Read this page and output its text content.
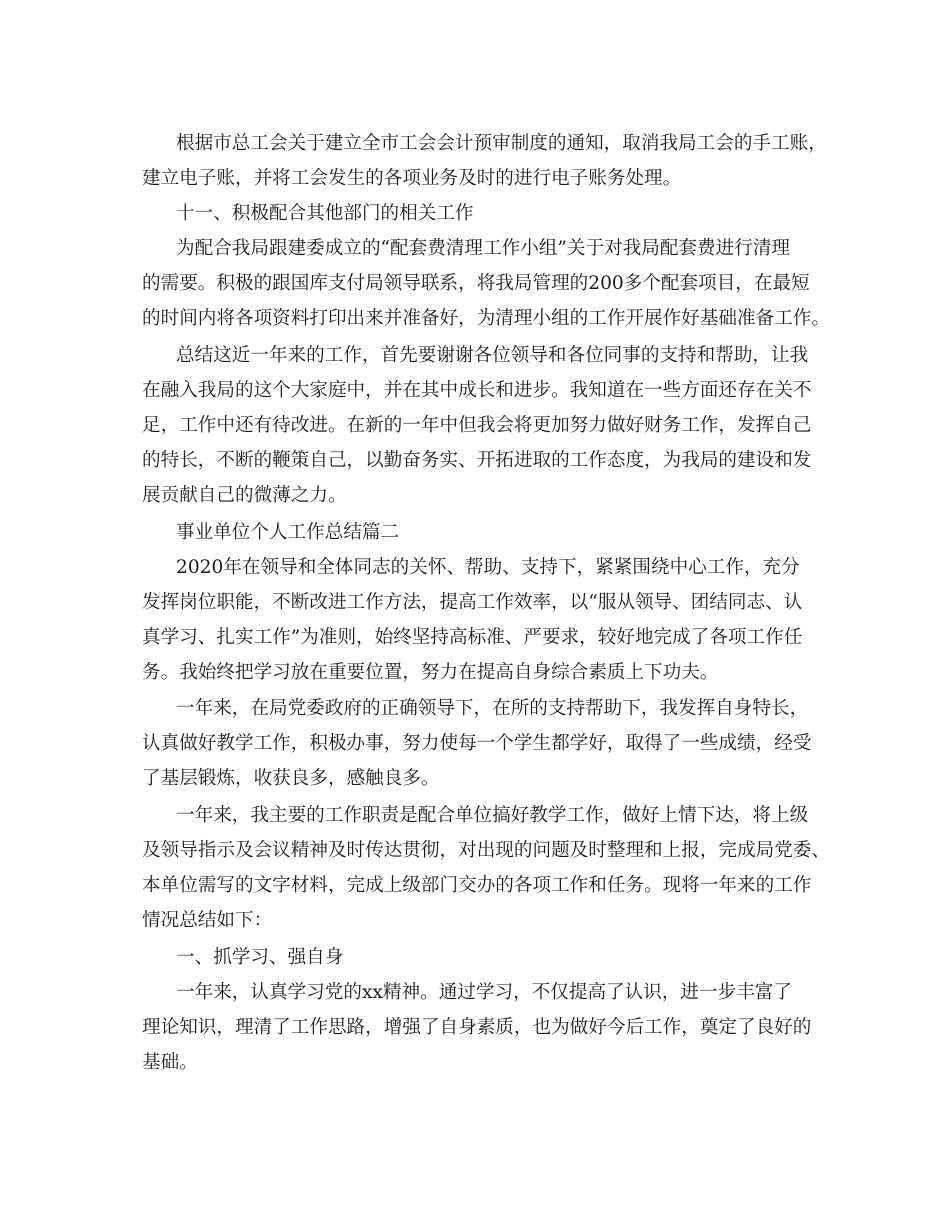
根据市总工会关于建立全市工会会计预审制度的通知，取消我局工会的手工账，
建立电子账，并将工会发生的各项业务及时的进行电子账务处理。
十一、积极配合其他部门的相关工作
为配合我局跟建委成立的“配套费清理工作小组”关于对我局配套费进行清理
的需要。积极的跟国库支付局领导联系，将我局管理的200多个配套项目，在最短
的时间内将各项资料打印出来并准备好，为清理小组的工作开展作好基础准备工作。
总结这近一年来的工作，首先要谢谢各位领导和各位同事的支持和帮助，让我
在融入我局的这个大家庭中，并在其中成长和进步。我知道在一些方面还存在关不
足，工作中还有待改进。在新的一年中但我会将更加努力做好财务工作，发挥自己
的特长，不断的鞭策自己，以勤奋务实、开拓进取的工作态度，为我局的建设和发
展贡献自己的微薄之力。
事业单位个人工作总结篇二
2020年在领导和全体同志的关怀、帮助、支持下，紧紧围绕中心工作，充分
发挥岗位职能，不断改进工作方法，提高工作效率，以“服从领导、团结同志、认
真学习、扎实工作”为准则，始终坚持高标准、严要求，较好地完成了各项工作任
务。我始终把学习放在重要位置，努力在提高自身综合素质上下功夫。
一年来，在局党委政府的正确领导下，在所的支持帮助下，我发挥自身特长，
认真做好教学工作，积极办事，努力使每一个学生都学好，取得了一些成绩，经受
了基层锻炼，收获良多，感触良多。
一年来，我主要的工作职责是配合单位搞好教学工作，做好上情下达，将上级
及领导指示及会议精神及时传达贯彻，对出现的问题及时整理和上报，完成局党委、
本单位需写的文字材料，完成上级部门交办的各项工作和任务。现将一年来的工作
情况总结如下：
一、抓学习、强自身
一年来，认真学习党的xx精神。通过学习，不仅提高了认识，进一步丰富了
理论知识，理清了工作思路，增强了自身素质，也为做好今后工作，奠定了良好的
基础。
